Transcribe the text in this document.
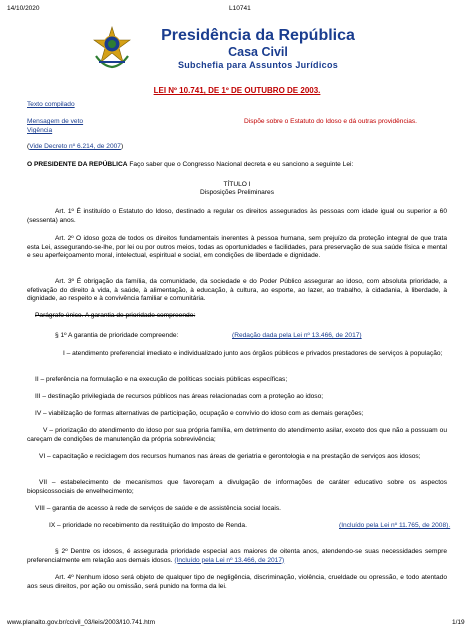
14/10/2020	L10741
Presidência da República
Casa Civil
Subchefia para Assuntos Jurídicos
LEI Nº 10.741, DE 1º DE OUTUBRO DE 2003.
Texto compilado
Mensagem de veto
Vigência
Dispõe sobre o Estatuto do Idoso e dá outras providências.
(Vide Decreto nº 6.214, de 2007)
O PRESIDENTE DA REPÚBLICA Faço saber que o Congresso Nacional decreta e eu sanciono a seguinte Lei:
TÍTULO I
Disposições Preliminares
Art. 1º É instituído o Estatuto do Idoso, destinado a regular os direitos assegurados às pessoas com idade igual ou superior a 60 (sessenta) anos.
Art. 2º O idoso goza de todos os direitos fundamentais inerentes à pessoa humana, sem prejuízo da proteção integral de que trata esta Lei, assegurando-se-lhe, por lei ou por outros meios, todas as oportunidades e facilidades, para preservação de sua saúde física e mental e seu aperfeiçoamento moral, intelectual, espiritual e social, em condições de liberdade e dignidade.
Art. 3º É obrigação da família, da comunidade, da sociedade e do Poder Público assegurar ao idoso, com absoluta prioridade, a efetivação do direito à vida, à saúde, à alimentação, à educação, à cultura, ao esporte, ao lazer, ao trabalho, à cidadania, à liberdade, à dignidade, ao respeito e à convivência familiar e comunitária.
Parágrafo único. A garantia de prioridade compreende:
§ 1º A garantia de prioridade compreende:	(Redação dada pela Lei nº 13.466, de 2017)
I – atendimento preferencial imediato e individualizado junto aos órgãos públicos e privados prestadores de serviços à população;
II – preferência na formulação e na execução de políticas sociais públicas específicas;
III – destinação privilegiada de recursos públicos nas áreas relacionadas com a proteção ao idoso;
IV – viabilização de formas alternativas de participação, ocupação e convívio do idoso com as demais gerações;
V – priorização do atendimento do idoso por sua própria família, em detrimento do atendimento asilar, exceto dos que não a possuam ou careçam de condições de manutenção da própria sobrevivência;
VI – capacitação e reciclagem dos recursos humanos nas áreas de geriatria e gerontologia e na prestação de serviços aos idosos;
VII – estabelecimento de mecanismos que favoreçam a divulgação de informações de caráter educativo sobre os aspectos biopsicossociais de envelhecimento;
VIII – garantia de acesso à rede de serviços de saúde e de assistência social locais.
IX – prioridade no recebimento da restituição do Imposto de Renda.	(Incluído pela Lei nº 11.765, de 2008).
§ 2º Dentre os idosos, é assegurada prioridade especial aos maiores de oitenta anos, atendendo-se suas necessidades sempre preferencialmente em relação aos demais idosos. (Incluído pela Lei nº 13.466, de 2017)
Art. 4º Nenhum idoso será objeto de qualquer tipo de negligência, discriminação, violência, crueldade ou opressão, e todo atentado aos seus direitos, por ação ou omissão, será punido na forma da lei.
www.planalto.gov.br/ccivil_03/leis/2003/l10.741.htm	1/19
